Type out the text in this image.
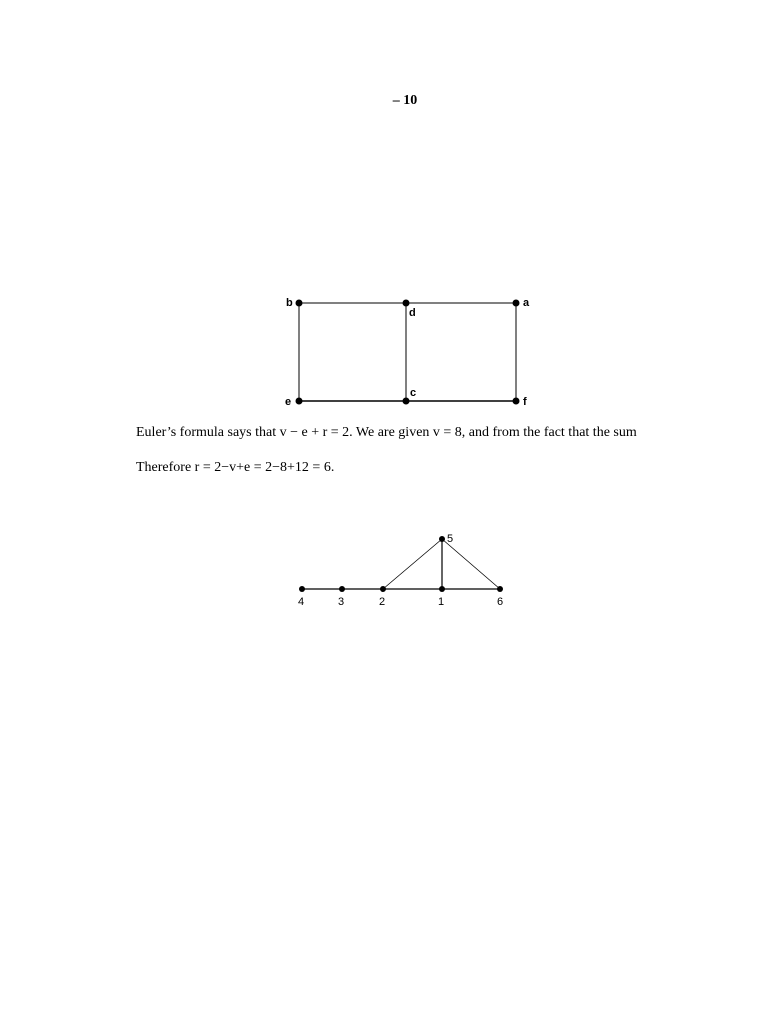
– 10
b
d
a
e
c
f
Euler’s formula says that v − e + r = 2. We are given v = 8, and from the fact that the sum
Therefore r = 2−v+e = 2−8+12 = 6.
4	3	2	1	6
5
